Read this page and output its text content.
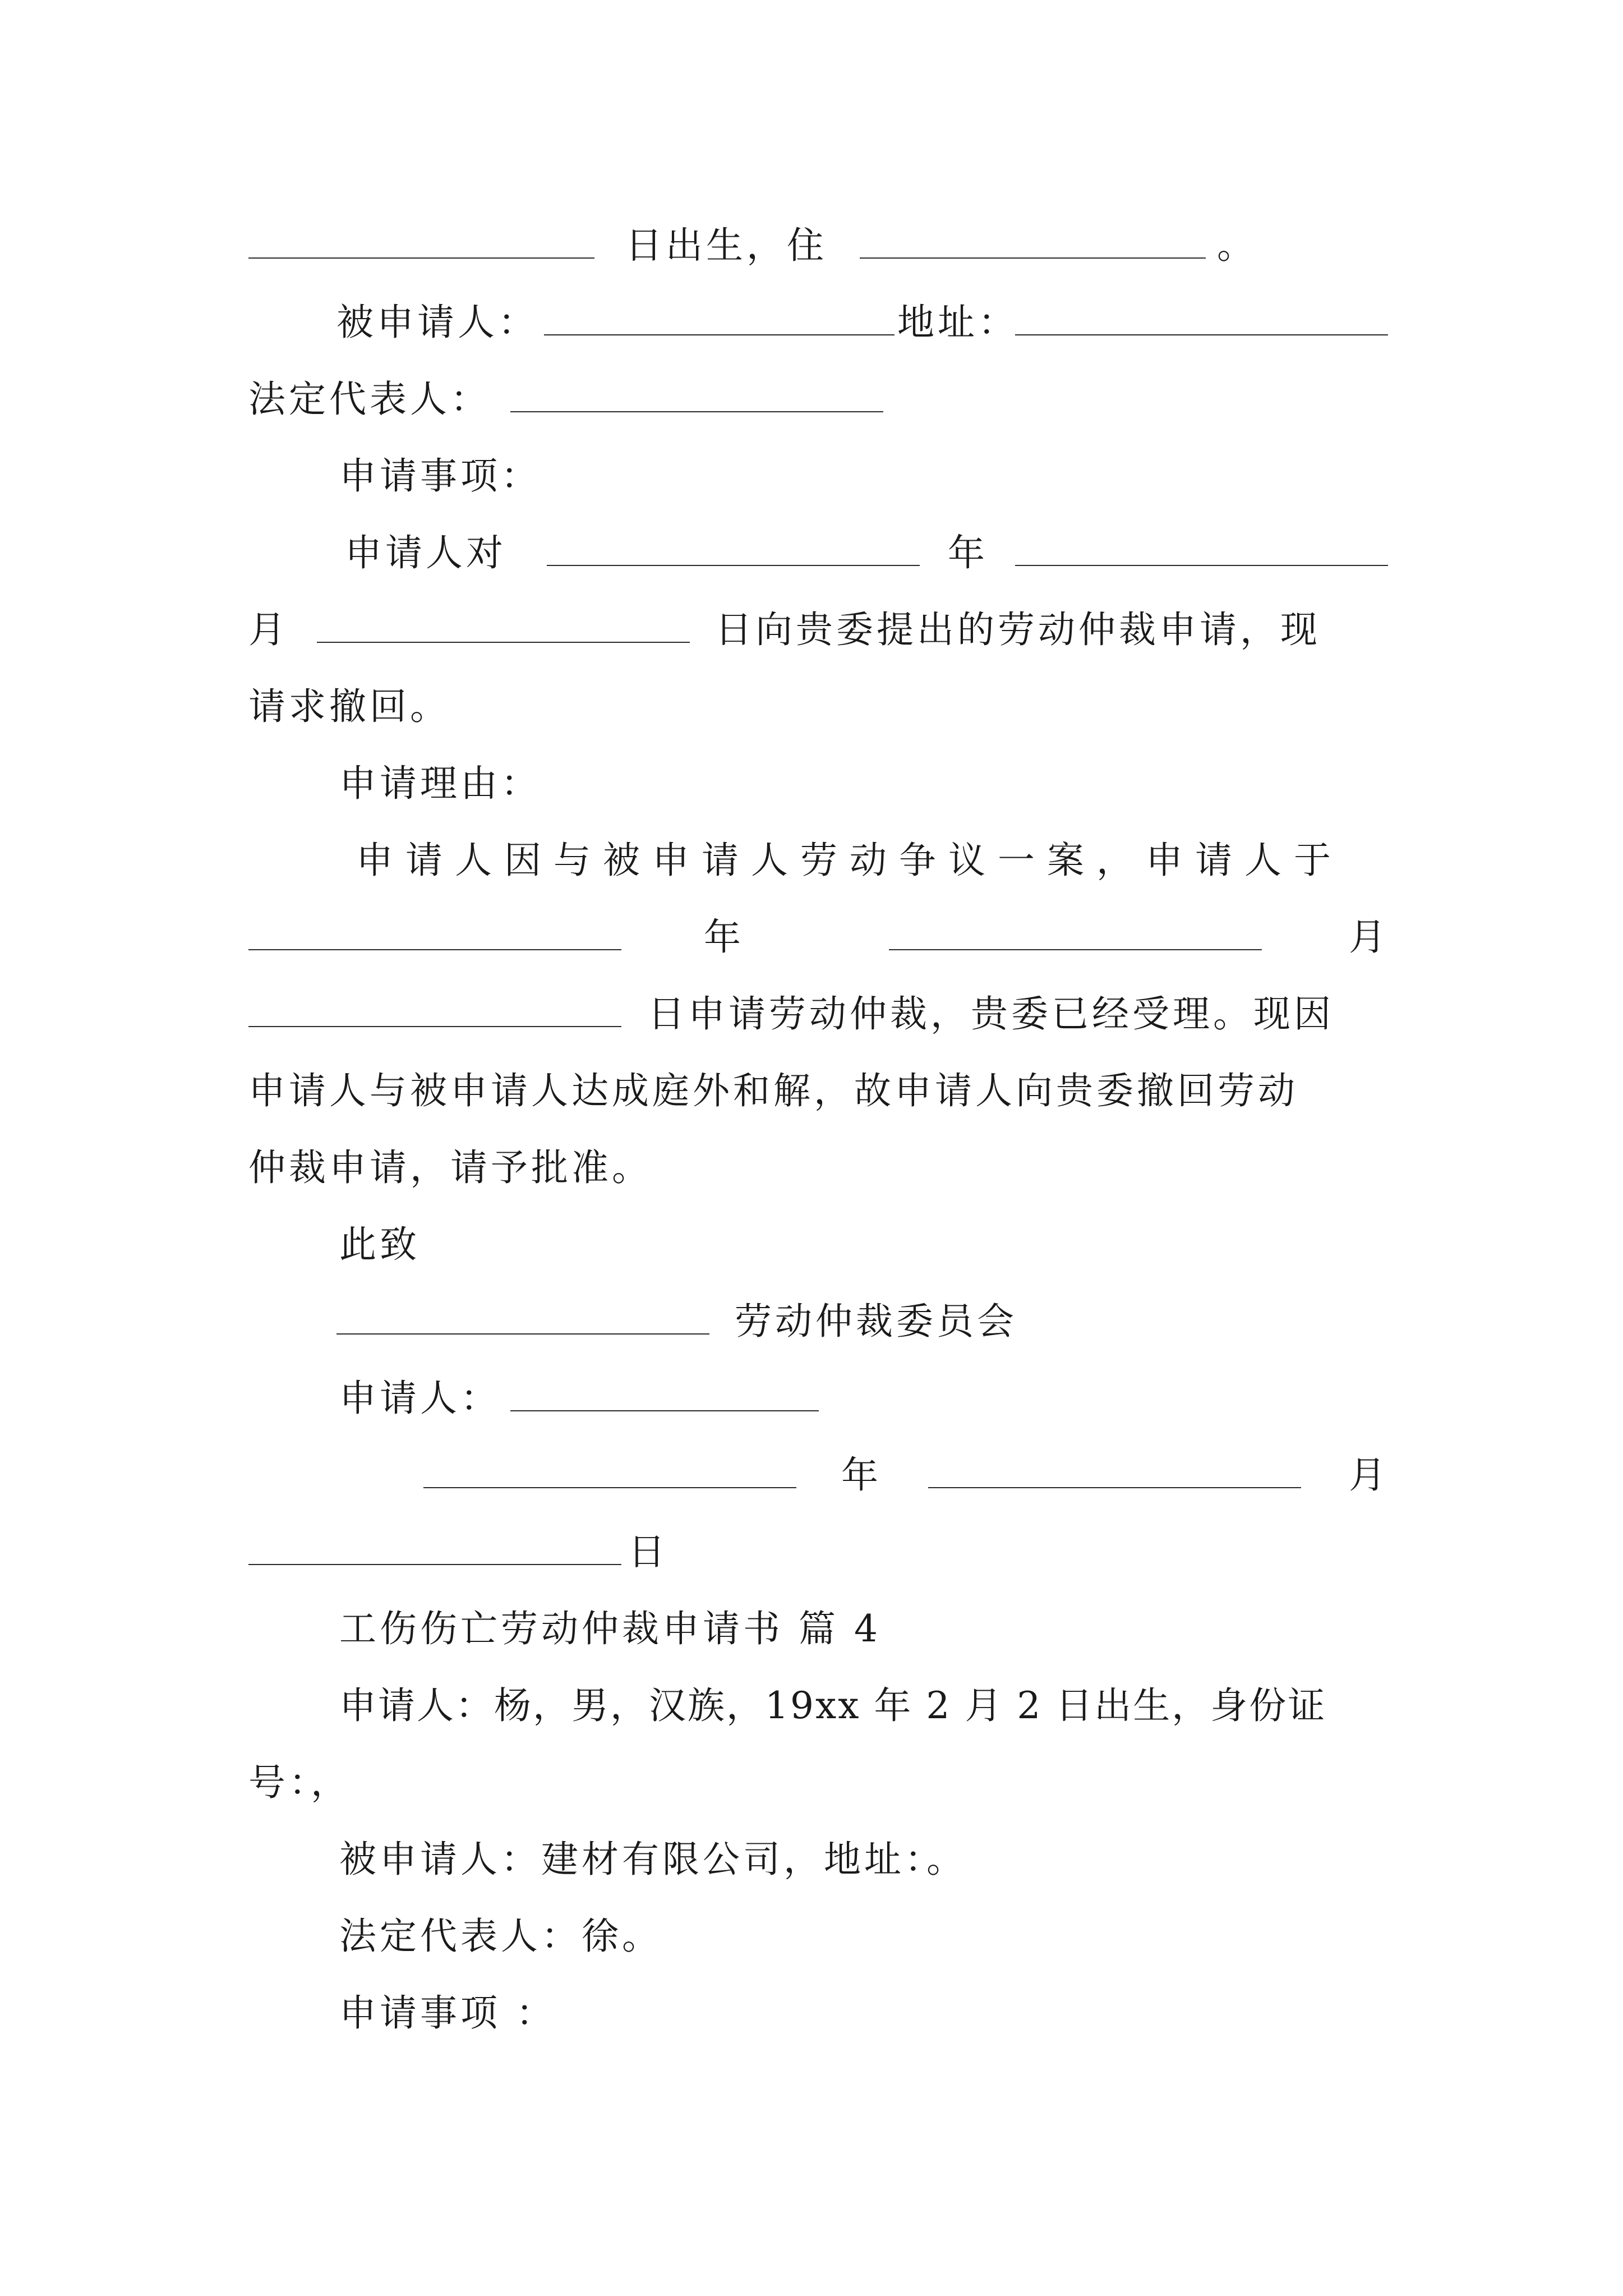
日出生，住	。
被申请人：	地址：
法定代表人：
申请事项：
申请人对	年
月	日向贵委提出的劳动仲裁申请，现
请求撤回。
申请理由：
申请人因与被申请人劳动争议一案，申请人于
年	月
日申请劳动仲裁，贵委已经受理。现因
申请人与被申请人达成庭外和解，故申请人向贵委撤回劳动
仲裁申请，请予批准。
此致
劳动仲裁委员会
申请人：
年	月
日
工伤伤亡劳动仲裁申请书 篇 4
申请人：杨，男，汉族，19xx 年 2 月 2 日出生，身份证
号：，
被申请人：建材有限公司，地址：。
法定代表人：徐。
申请事项 ：
